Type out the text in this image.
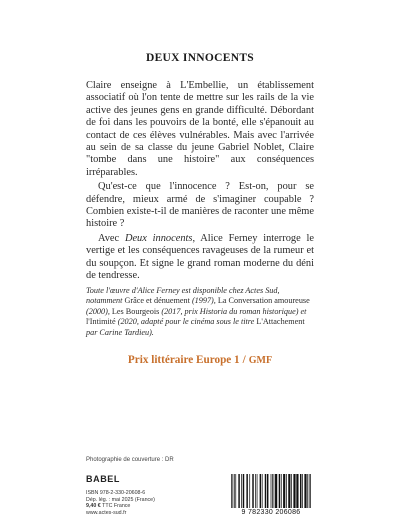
DEUX INNOCENTS

Claire enseigne à L'Embellie, un établissement associatif où l'on tente de mettre sur les rails de la vie active des jeunes gens en grande difficulté. Débordant de foi dans les pouvoirs de la bonté, elle s'épanouit au contact de ces élèves vulnérables. Mais avec l'arrivée au sein de sa classe du jeune Gabriel Noblet, Claire "tombe dans une histoire" aux conséquences irréparables.

Qu'est-ce que l'innocence ? Est-on, pour se défendre, mieux armé de s'imaginer coupable ? Combien existe-t-il de manières de raconter une même histoire ?

Avec Deux innocents, Alice Ferney interroge le vertige et les conséquences ravageuses de la rumeur et du soupçon. Et signe le grand roman moderne du déni de tendresse.

Toute l'œuvre d'Alice Ferney est disponible chez Actes Sud, notamment Grâce et dénuement (1997), La Conversation amoureuse (2000), Les Bourgeois (2017, prix Historia du roman historique) et l'Intimité (2020, adapté pour le cinéma sous le titre L'Attachement par Carine Tardieu).
Prix littéraire Europe 1 / GMF
Photographie de couverture : DR
BABEL
ISBN 978-2-330-20608-6
Dép. lég. : mai 2025 (France)
9,40 € TTC France
www.actes-sud.fr	9 782330 206086
